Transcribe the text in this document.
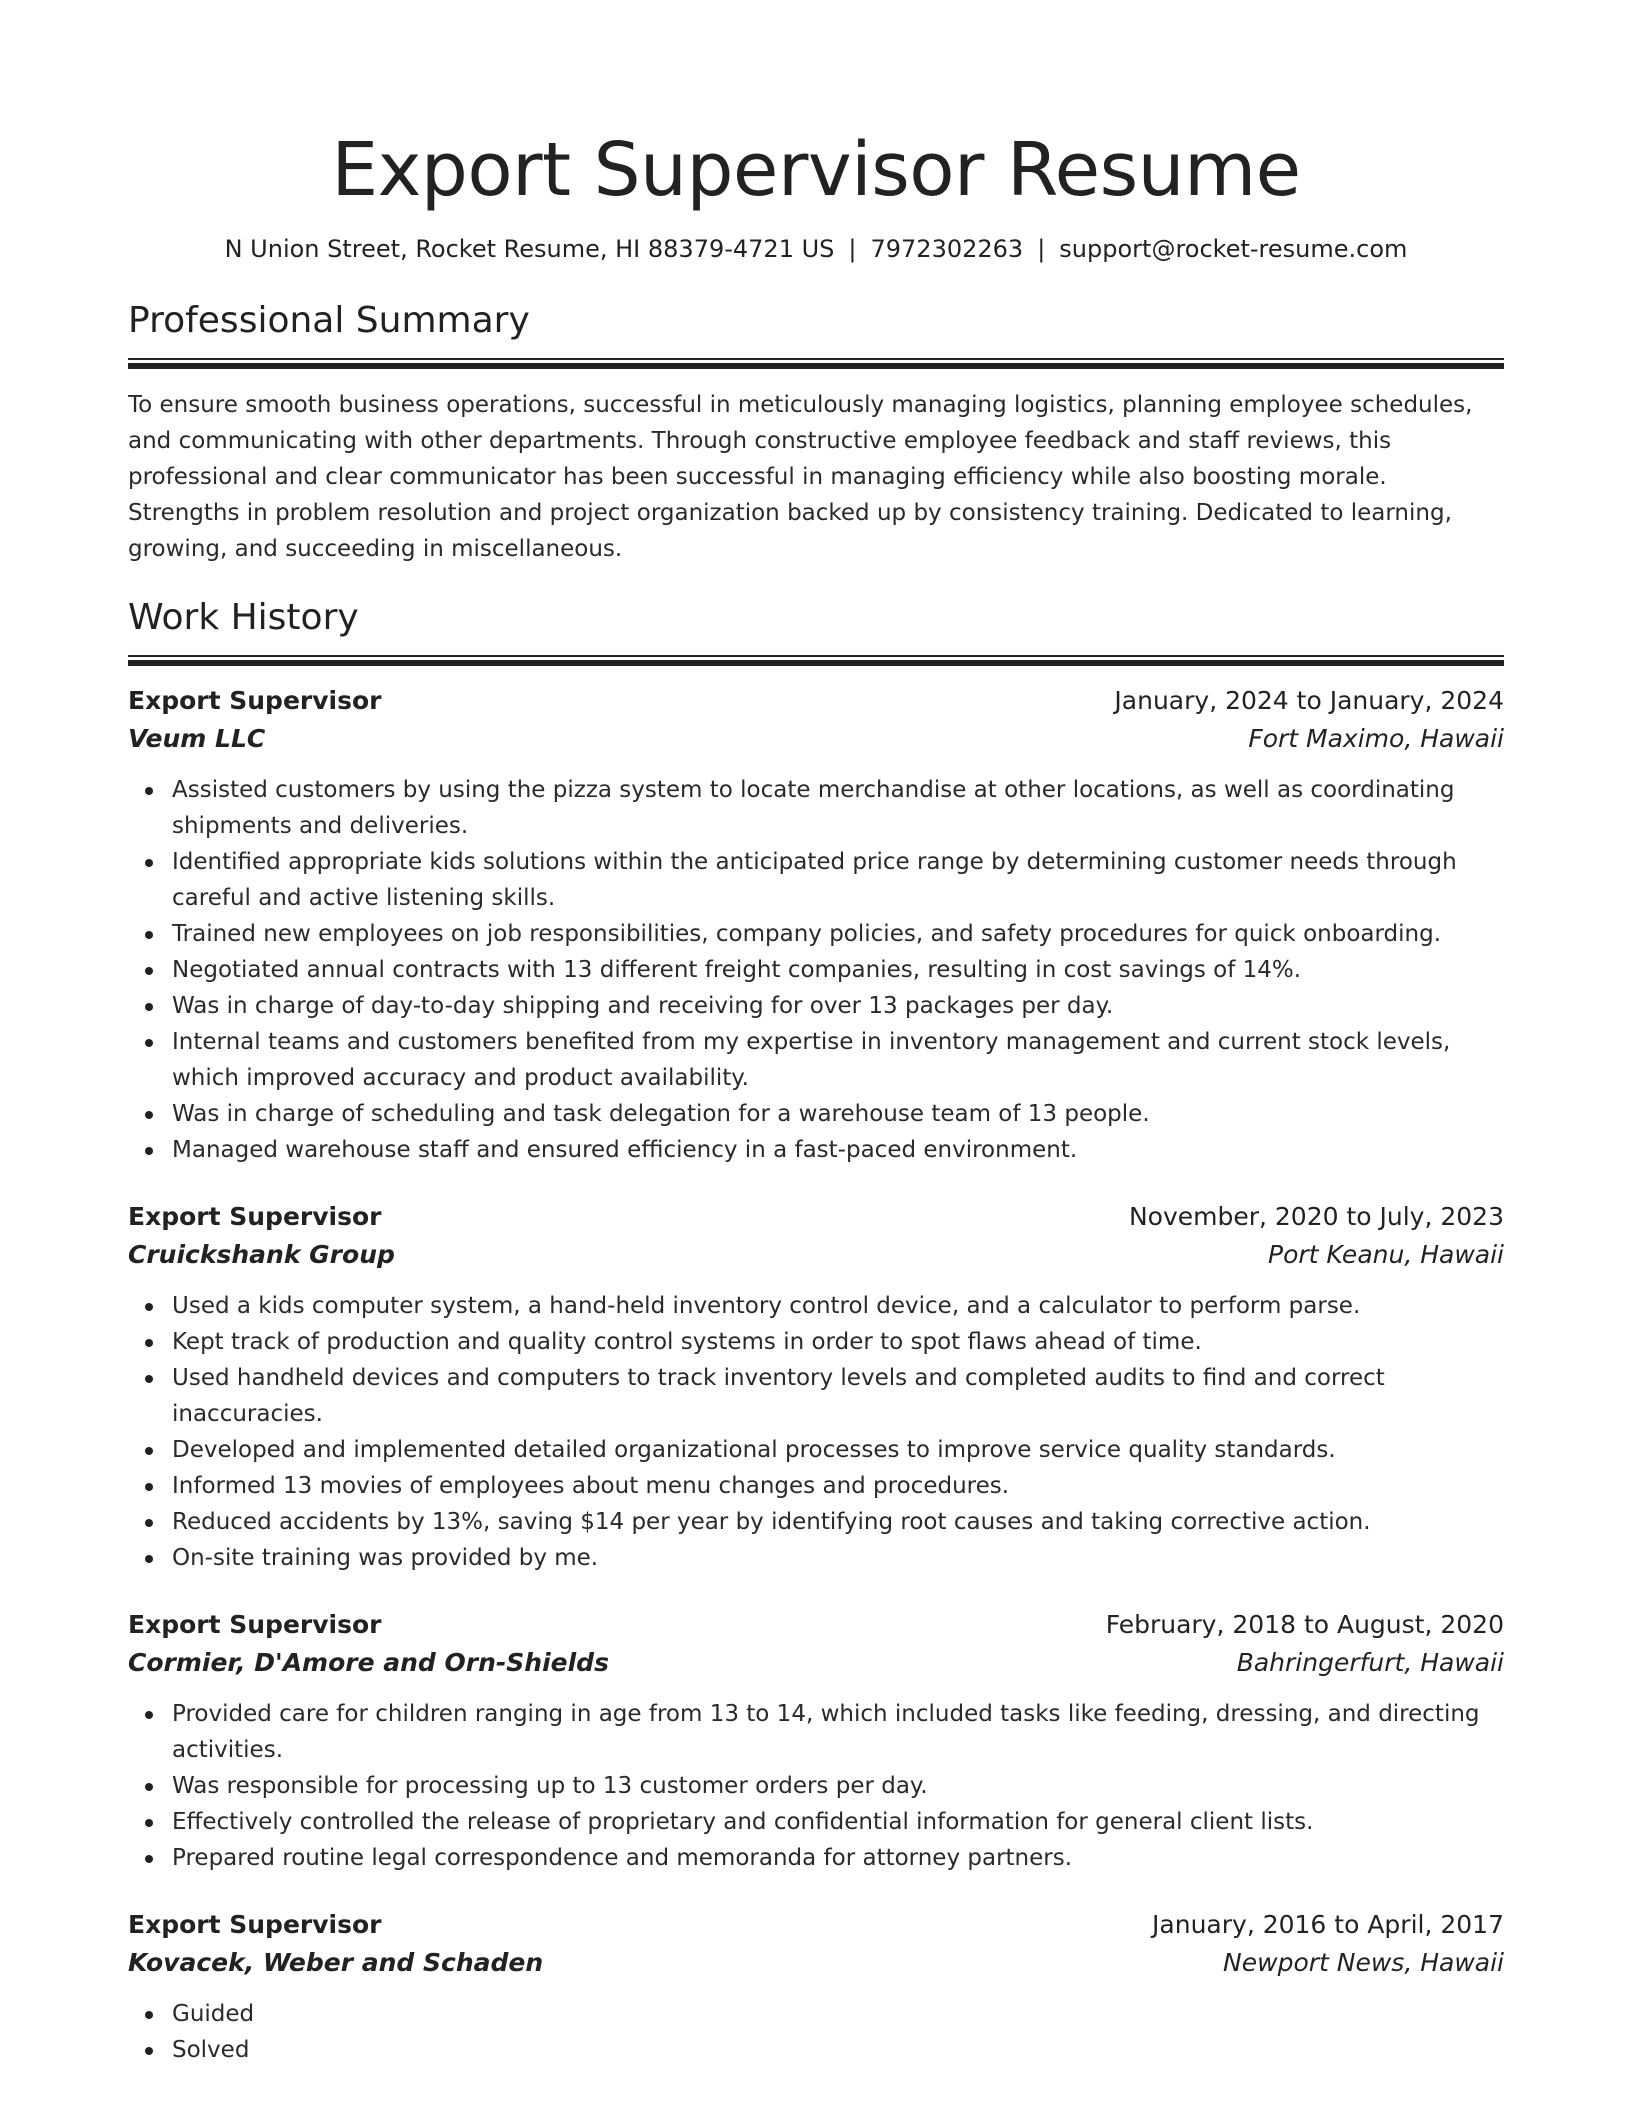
Export Supervisor Resume
N Union Street, Rocket Resume, HI 88379-4721 US | 7972302263 | support@rocket-resume.com
Professional Summary

To ensure smooth business operations, successful in meticulously managing logistics, planning employee schedules, and communicating with other departments. Through constructive employee feedback and staff reviews, this professional and clear communicator has been successful in managing efficiency while also boosting morale. Strengths in problem resolution and project organization backed up by consistency training. Dedicated to learning, growing, and succeeding in miscellaneous.

Work History
Export Supervisor	January, 2024 to January, 2024
Veum LLC	Fort Maximo, Hawaii
Assisted customers by using the pizza system to locate merchandise at other locations, as well as coordinating shipments and deliveries.
Identified appropriate kids solutions within the anticipated price range by determining customer needs through careful and active listening skills.
Trained new employees on job responsibilities, company policies, and safety procedures for quick onboarding.
Negotiated annual contracts with 13 different freight companies, resulting in cost savings of 14%.
Was in charge of day-to-day shipping and receiving for over 13 packages per day.
Internal teams and customers benefited from my expertise in inventory management and current stock levels, which improved accuracy and product availability.
Was in charge of scheduling and task delegation for a warehouse team of 13 people.
Managed warehouse staff and ensured efficiency in a fast-paced environment.
Export Supervisor	November, 2020 to July, 2023
Cruickshank Group	Port Keanu, Hawaii
Used a kids computer system, a hand-held inventory control device, and a calculator to perform parse.
Kept track of production and quality control systems in order to spot flaws ahead of time.
Used handheld devices and computers to track inventory levels and completed audits to find and correct inaccuracies.
Developed and implemented detailed organizational processes to improve service quality standards.
Informed 13 movies of employees about menu changes and procedures.
Reduced accidents by 13%, saving $14 per year by identifying root causes and taking corrective action.
On-site training was provided by me.
Export Supervisor	February, 2018 to August, 2020
Cormier, D'Amore and Orn-Shields	Bahringerfurt, Hawaii
Provided care for children ranging in age from 13 to 14, which included tasks like feeding, dressing, and directing activities.
Was responsible for processing up to 13 customer orders per day.
Effectively controlled the release of proprietary and confidential information for general client lists.
Prepared routine legal correspondence and memoranda for attorney partners.
Export Supervisor	January, 2016 to April, 2017
Kovacek, Weber and Schaden	Newport News, Hawaii
Guided
Solved
